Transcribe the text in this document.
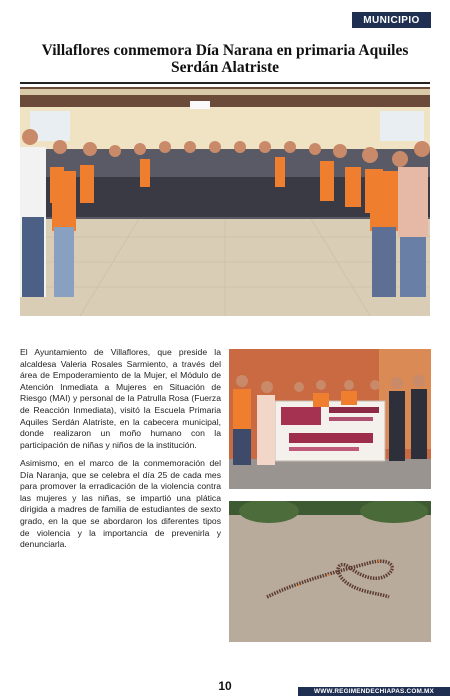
MUNICIPIO
Villaflores conmemora Día Narana en primaria Aquiles Serdán Alatriste

El Ayuntamiento de Villaflores, que preside la alcaldesa Valeria Rosales Sarmiento, a través del área de Empoderamiento de la Mujer, el Módulo de Atención Inmediata a Mujeres en Situación de Riesgo (MAI) y personal de la Patrulla Rosa (Fuerza de Reacción Inmediata), visitó la Escuela Primaria Aquiles Serdán Alatriste, en la cabecera municipal, donde realizaron un moño humano con la participación de niñas y niños de la institución.

Asimismo, en el marco de la conmemoración del Día Naranja, que se celebra el día 25 de cada mes para promover la erradicación de la violencia contra las mujeres y las niñas, se impartió una plática dirigida a madres de familia de estudiantes de sexto grado, en la que se abordaron los diferentes tipos de violencia y la importancia de prevenirla y denunciarla.

10	WWW.REGIMENDECHIAPAS.COM.MX
